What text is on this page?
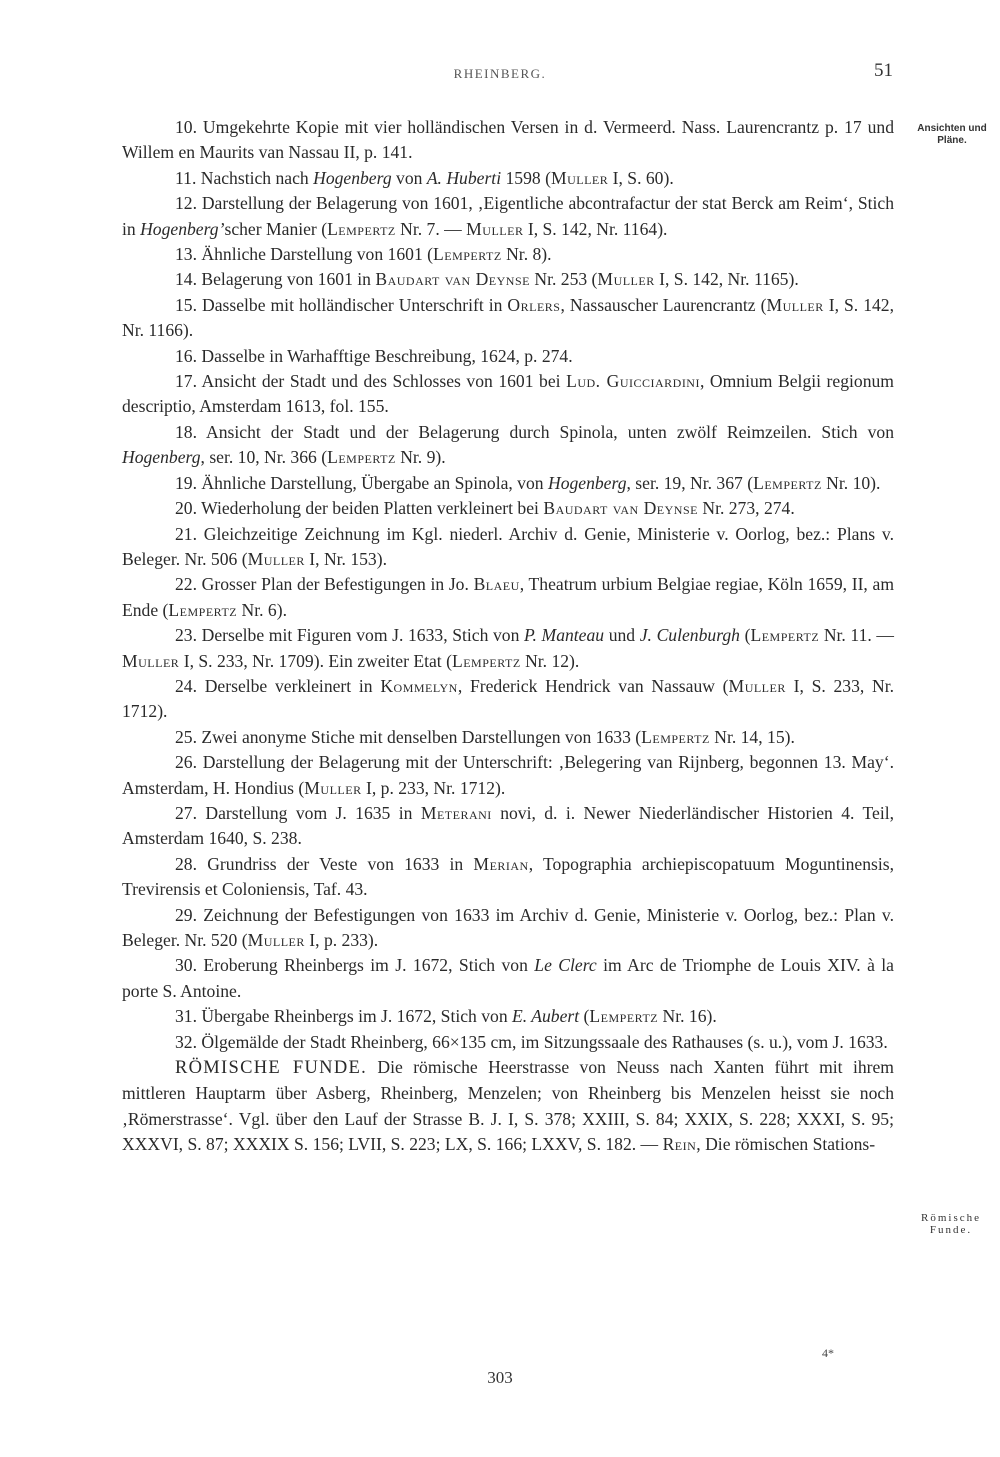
RHEINBERG.	51
Ansichten und Pläne.
Römische Funde.

10. Umgekehrte Kopie mit vier holländischen Versen in d. Vermeerd. Nass. Laurencrantz p. 17 und Willem en Maurits van Nassau II, p. 141.

11. Nachstich nach Hogenberg von A. Huberti 1598 (Muller I, S. 60).

12. Darstellung der Belagerung von 1601, ‚Eigentliche abcontrafactur der stat Berck am Reim‘, Stich in Hogenberg’scher Manier (Lempertz Nr. 7. — Muller I, S. 142, Nr. 1164).

13. Ähnliche Darstellung von 1601 (Lempertz Nr. 8).

14. Belagerung von 1601 in Baudart van Deynse Nr. 253 (Muller I, S. 142, Nr. 1165).

15. Dasselbe mit holländischer Unterschrift in Orlers, Nassauscher Laurencrantz (Muller I, S. 142, Nr. 1166).

16. Dasselbe in Warhafftige Beschreibung, 1624, p. 274.

17. Ansicht der Stadt und des Schlosses von 1601 bei Lud. Guicciardini, Omnium Belgii regionum descriptio, Amsterdam 1613, fol. 155.

18. Ansicht der Stadt und der Belagerung durch Spinola, unten zwölf Reimzeilen. Stich von Hogenberg, ser. 10, Nr. 366 (Lempertz Nr. 9).

19. Ähnliche Darstellung, Übergabe an Spinola, von Hogenberg, ser. 19, Nr. 367 (Lempertz Nr. 10).

20. Wiederholung der beiden Platten verkleinert bei Baudart van Deynse Nr. 273, 274.

21. Gleichzeitige Zeichnung im Kgl. niederl. Archiv d. Genie, Ministerie v. Oorlog, bez.: Plans v. Beleger. Nr. 506 (Muller I, Nr. 153).

22. Grosser Plan der Befestigungen in Jo. Blaeu, Theatrum urbium Belgiae regiae, Köln 1659, II, am Ende (Lempertz Nr. 6).

23. Derselbe mit Figuren vom J. 1633, Stich von P. Manteau und J. Culenburgh (Lempertz Nr. 11. — Muller I, S. 233, Nr. 1709). Ein zweiter Etat (Lempertz Nr. 12).

24. Derselbe verkleinert in Kommelyn, Frederick Hendrick van Nassauw (Muller I, S. 233, Nr. 1712).

25. Zwei anonyme Stiche mit denselben Darstellungen von 1633 (Lempertz Nr. 14, 15).

26. Darstellung der Belagerung mit der Unterschrift: ‚Belegering van Rijnberg, begonnen 13. May‘. Amsterdam, H. Hondius (Muller I, p. 233, Nr. 1712).

27. Darstellung vom J. 1635 in Meterani novi, d. i. Newer Niederländischer Historien 4. Teil, Amsterdam 1640, S. 238.

28. Grundriss der Veste von 1633 in Merian, Topographia archiepiscopatuum Moguntinensis, Trevirensis et Coloniensis, Taf. 43.

29. Zeichnung der Befestigungen von 1633 im Archiv d. Genie, Ministerie v. Oorlog, bez.: Plan v. Beleger. Nr. 520 (Muller I, p. 233).

30. Eroberung Rheinbergs im J. 1672, Stich von Le Clerc im Arc de Triomphe de Louis XIV. à la porte S. Antoine.

31. Übergabe Rheinbergs im J. 1672, Stich von E. Aubert (Lempertz Nr. 16).

32. Ölgemälde der Stadt Rheinberg, 66×135 cm, im Sitzungssaale des Rathauses (s. u.), vom J. 1633.

RÖMISCHE FUNDE. Die römische Heerstrasse von Neuss nach Xanten führt mit ihrem mittleren Hauptarm über Asberg, Rheinberg, Menzelen; von Rheinberg bis Menzelen heisst sie noch ‚Römerstrasse‘. Vgl. über den Lauf der Strasse B. J. I, S. 378; XXIII, S. 84; XXIX, S. 228; XXXI, S. 95; XXXVI, S. 87; XXXIX S. 156; LVII, S. 223; LX, S. 166; LXXV, S. 182. — Rein, Die römischen Stations-

4*
303
